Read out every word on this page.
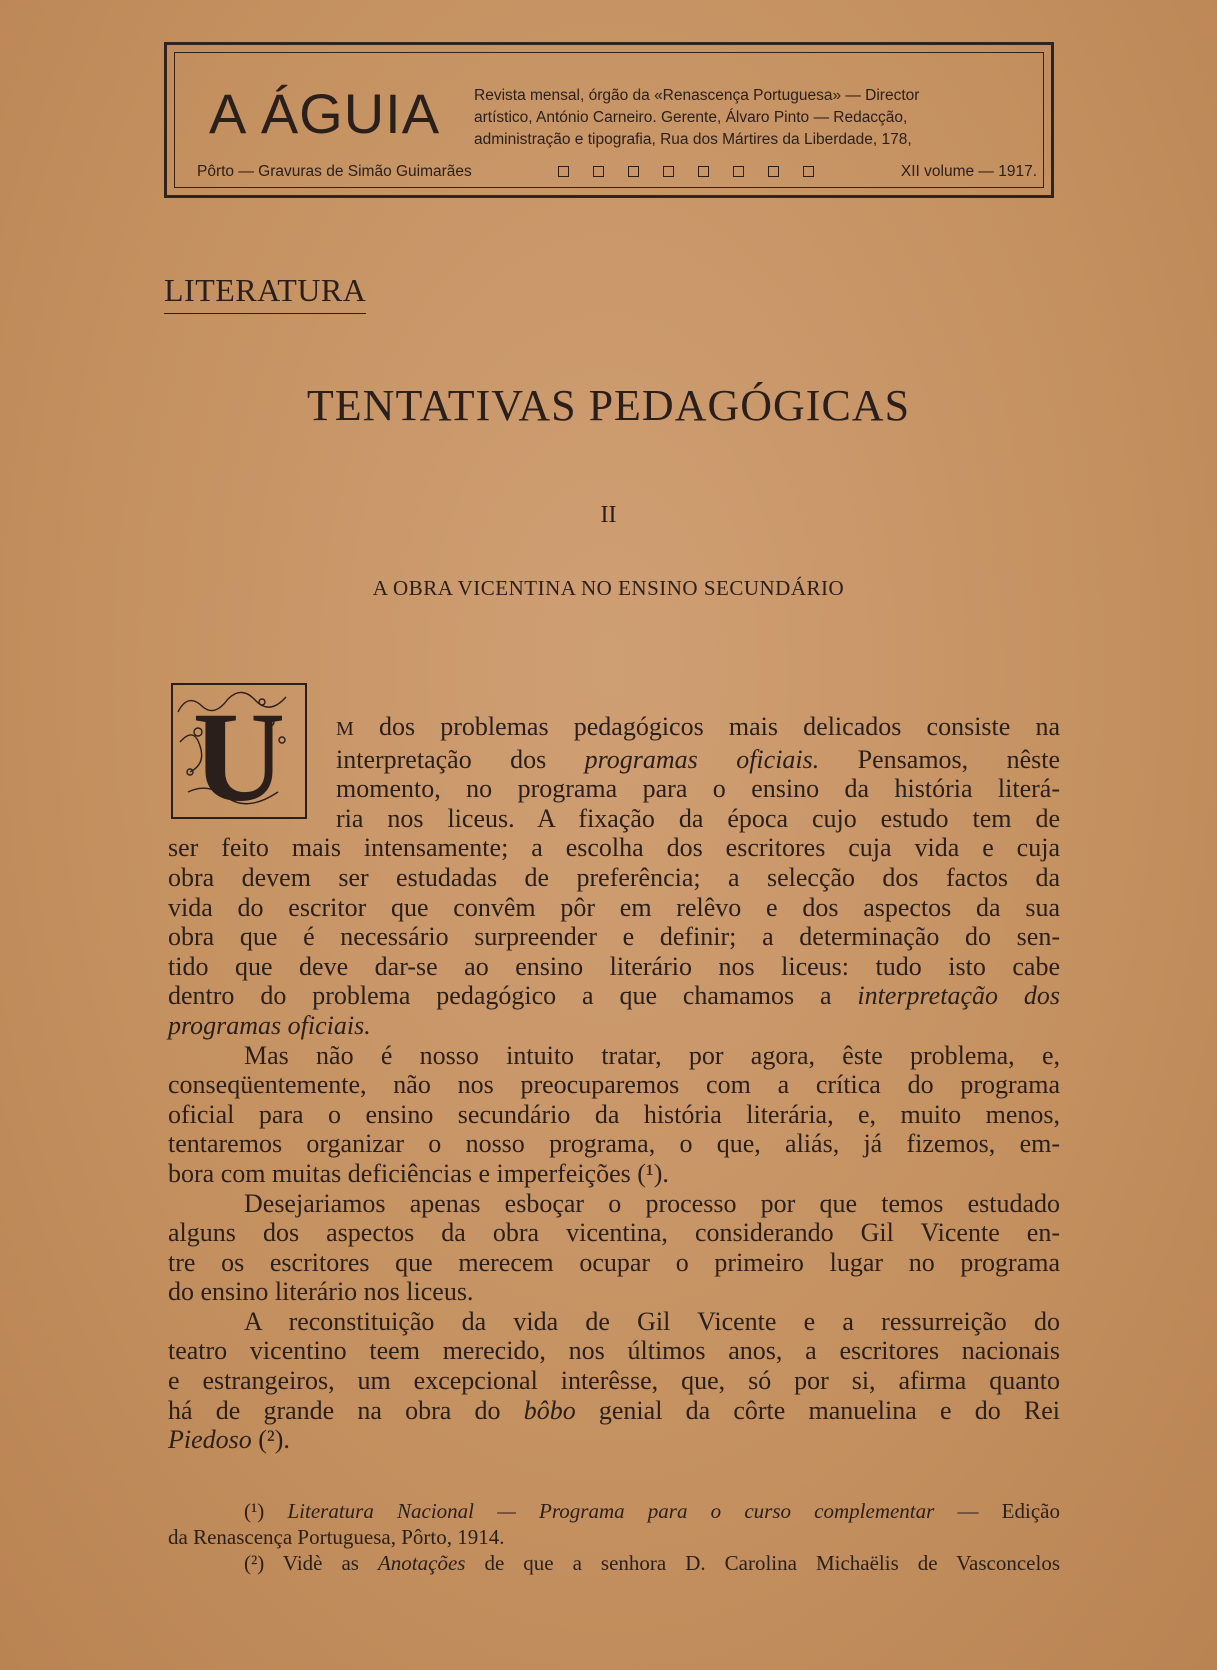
A ÁGUIA Revista mensal, órgão da «Renascença Portuguesa» — Director
artístico, António Carneiro. Gerente, Álvaro Pinto — Redacção,
administração e tipografia, Rua dos Mártires da Liberdade, 178,
Pôrto — Gravuras de Simão Guimarães	XII volume — 1917.
LITERATURA
TENTATIVAS PEDAGÓGICAS
II
A OBRA VICENTINA NO ENSINO SECUNDÁRIO
U	M dos problemas pedagógicos mais delicados consiste na
interpretação dos programas oficiais. Pensamos, nêste
momento, no programa para o ensino da história literá-
ria nos liceus. A fixação da época cujo estudo tem de
ser feito mais intensamente; a escolha dos escritores cuja vida e cuja
obra devem ser estudadas de preferência; a selecção dos factos da
vida do escritor que convêm pôr em relêvo e dos aspectos da sua
obra que é necessário surpreender e definir; a determinação do sen-
tido que deve dar-se ao ensino literário nos liceus: tudo isto cabe
dentro do problema pedagógico a que chamamos a interpretação dos
programas oficiais.
Mas não é nosso intuito tratar, por agora, êste problema, e,
conseqüentemente, não nos preocuparemos com a crítica do programa
oficial para o ensino secundário da história literária, e, muito menos,
tentaremos organizar o nosso programa, o que, aliás, já fizemos, em-
bora com muitas deficiências e imperfeições (¹).
Desejariamos apenas esboçar o processo por que temos estudado
alguns dos aspectos da obra vicentina, considerando Gil Vicente en-
tre os escritores que merecem ocupar o primeiro lugar no programa
do ensino literário nos liceus.
A reconstituição da vida de Gil Vicente e a ressurreição do
teatro vicentino teem merecido, nos últimos anos, a escritores nacionais
e estrangeiros, um excepcional interêsse, que, só por si, afirma quanto
há de grande na obra do bôbo genial da côrte manuelina e do Rei
Piedoso (²).
(¹) Literatura Nacional — Programa para o curso complementar — Edição
da Renascença Portuguesa, Pôrto, 1914.
(²) Vidè as Anotações de que a senhora D. Carolina Michaëlis de Vasconcelos
